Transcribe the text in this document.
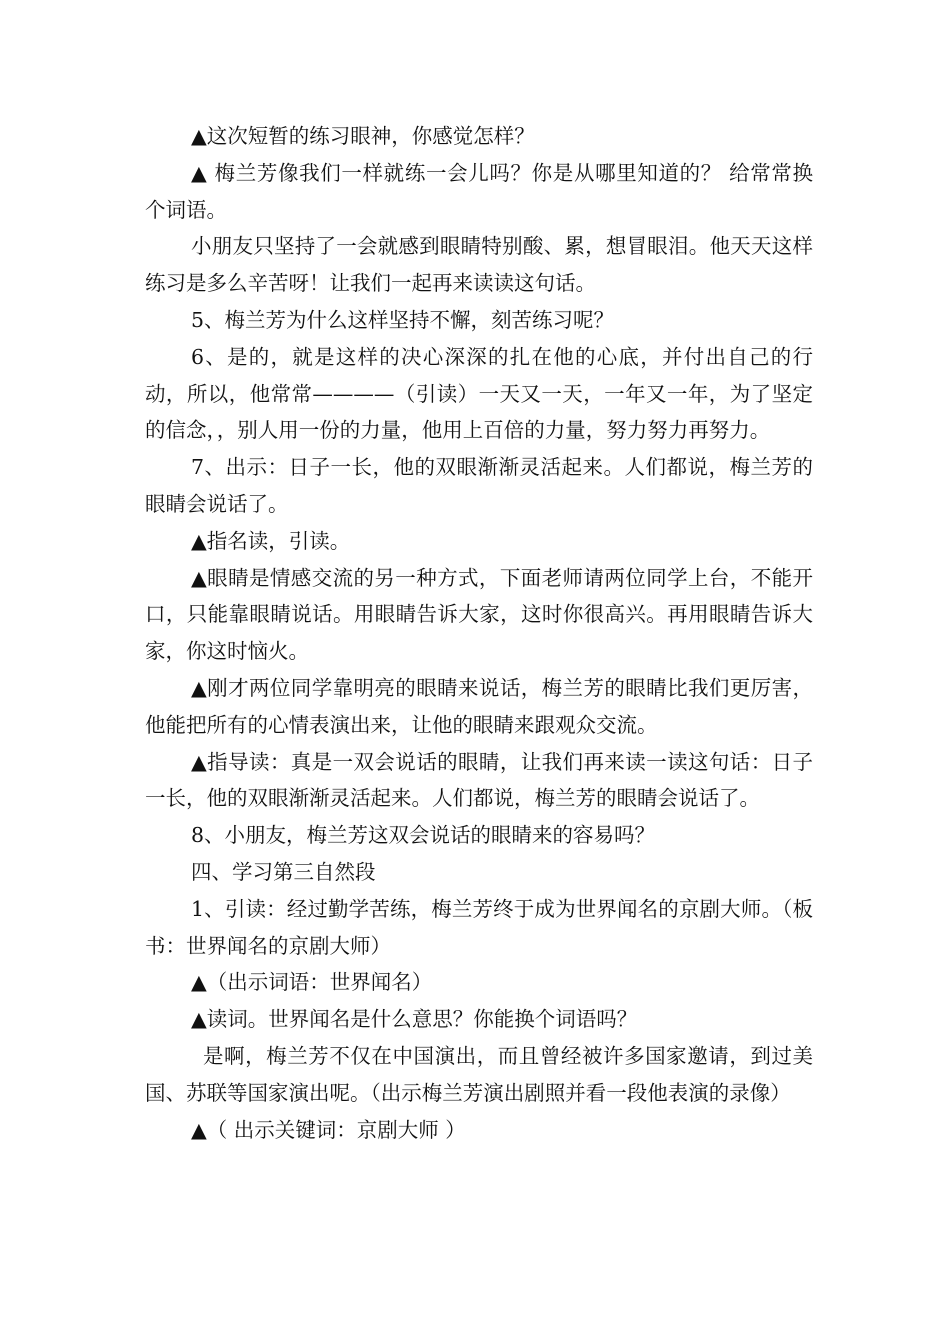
▲这次短暂的练习眼神，你感觉怎样？

▲ 梅兰芳像我们一样就练一会儿吗？你是从哪里知道的？ 给常常换个词语。

小朋友只坚持了一会就感到眼睛特别酸、累，想冒眼泪。他天天这样练习是多么辛苦呀！让我们一起再来读读这句话。

5、梅兰芳为什么这样坚持不懈，刻苦练习呢？

6、是的，就是这样的决心深深的扎在他的心底，并付出自己的行动，所以，他常常————（引读）一天又一天，一年又一年，为了坚定的信念，，别人用一份的力量，他用上百倍的力量，努力努力再努力。

7、出示：日子一长，他的双眼渐渐灵活起来。人们都说，梅兰芳的眼睛会说话了。

▲指名读，引读。

▲眼睛是情感交流的另一种方式，下面老师请两位同学上台，不能开口，只能靠眼睛说话。用眼睛告诉大家，这时你很高兴。再用眼睛告诉大家，你这时恼火。

▲刚才两位同学靠明亮的眼睛来说话，梅兰芳的眼睛比我们更厉害，他能把所有的心情表演出来，让他的眼睛来跟观众交流。

▲指导读：真是一双会说话的眼睛，让我们再来读一读这句话：日子一长，他的双眼渐渐灵活起来。人们都说，梅兰芳的眼睛会说话了。

8、小朋友，梅兰芳这双会说话的眼睛来的容易吗？

四、学习第三自然段

1、引读：经过勤学苦练，梅兰芳终于成为世界闻名的京剧大师。（板书：世界闻名的京剧大师）

▲（出示词语：世界闻名）

▲读词。世界闻名是什么意思？你能换个词语吗？

是啊，梅兰芳不仅在中国演出，而且曾经被许多国家邀请，到过美国、苏联等国家演出呢。（出示梅兰芳演出剧照并看一段他表演的录像）

▲（ 出示关键词：京剧大师 ）
